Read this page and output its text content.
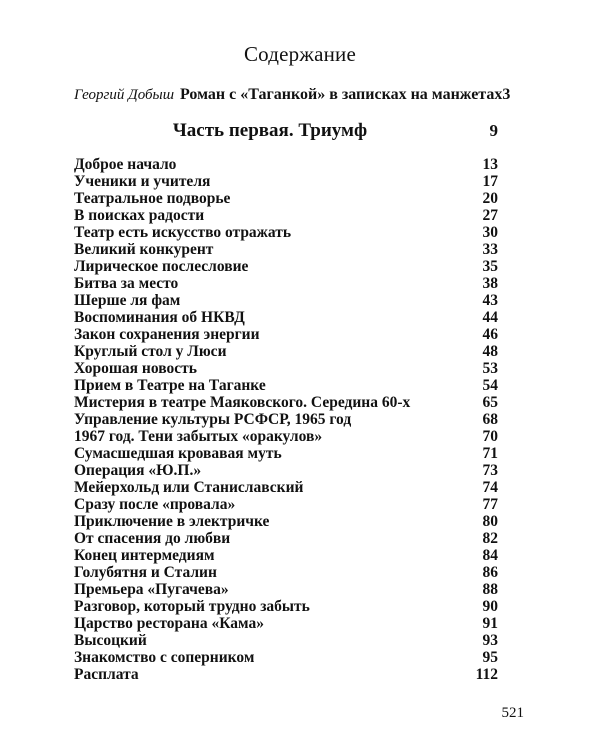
Содержание
Георгий Добыш Роман с «Таганкой» в записках на манжетах 3
Часть первая. Триумф	9
Доброе начало	13
Ученики и учителя	17
Театральное подворье	20
В поисках радости	27
Театр есть искусство отражать	30
Великий конкурент	33
Лирическое послесловие	35
Битва за место	38
Шерше ля фам	43
Воспоминания об НКВД	44
Закон сохранения энергии	46
Круглый стол у Люси	48
Хорошая новость	53
Прием в Театре на Таганке	54
Мистерия в театре Маяковского. Середина 60-х	65
Управление культуры РСФСР, 1965 год	68
1967 год. Тени забытых «оракулов»	70
Сумасшедшая кровавая муть	71
Операция «Ю.П.»	73
Мейерхольд или Станиславский	74
Сразу после «провала»	77
Приключение в электричке	80
От спасения до любви	82
Конец интермедиям	84
Голубятня и Сталин	86
Премьера «Пугачева»	88
Разговор, который трудно забыть	90
Царство ресторана «Кама»	91
Высоцкий	93
Знакомство с соперником	95
Расплата	112
521
